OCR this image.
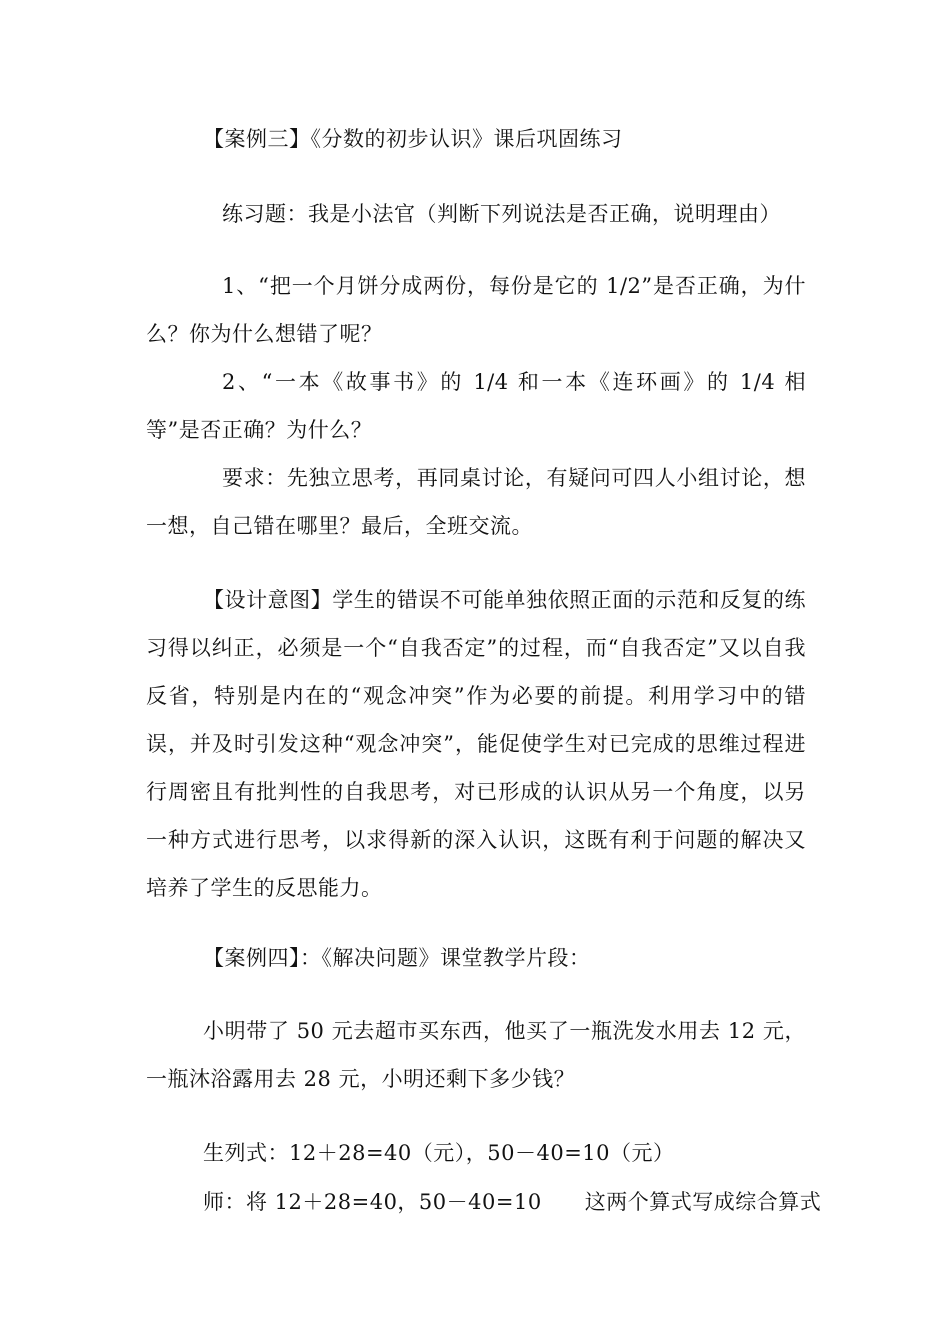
【案例三】《分数的初步认识》课后巩固练习
练习题：我是小法官（判断下列说法是否正确，说明理由）
1、“把一个月饼分成两份，每份是它的 1/2”是否正确，为什么？你为什么想错了呢？
2、“一本《故事书》的 1/4 和一本《连环画》的 1/4 相等”是否正确？为什么？
要求：先独立思考，再同桌讨论，有疑问可四人小组讨论，想一想，自己错在哪里？最后，全班交流。
【设计意图】学生的错误不可能单独依照正面的示范和反复的练习得以纠正，必须是一个“自我否定”的过程，而“自我否定”又以自我反省，特别是内在的“观念冲突”作为必要的前提。利用学习中的错误，并及时引发这种“观念冲突”，能促使学生对已完成的思维过程进行周密且有批判性的自我思考，对已形成的认识从另一个角度，以另一种方式进行思考，以求得新的深入认识，这既有利于问题的解决又培养了学生的反思能力。
【案例四】：《解决问题》课堂教学片段：
小明带了 50 元去超市买东西，他买了一瓶洗发水用去 12 元，一瓶沐浴露用去 28 元，小明还剩下多少钱？
生列式：12＋28=40（元），50－40=10（元）
师：将 12＋28=40，50－40=10　　这两个算式写成综合算式
